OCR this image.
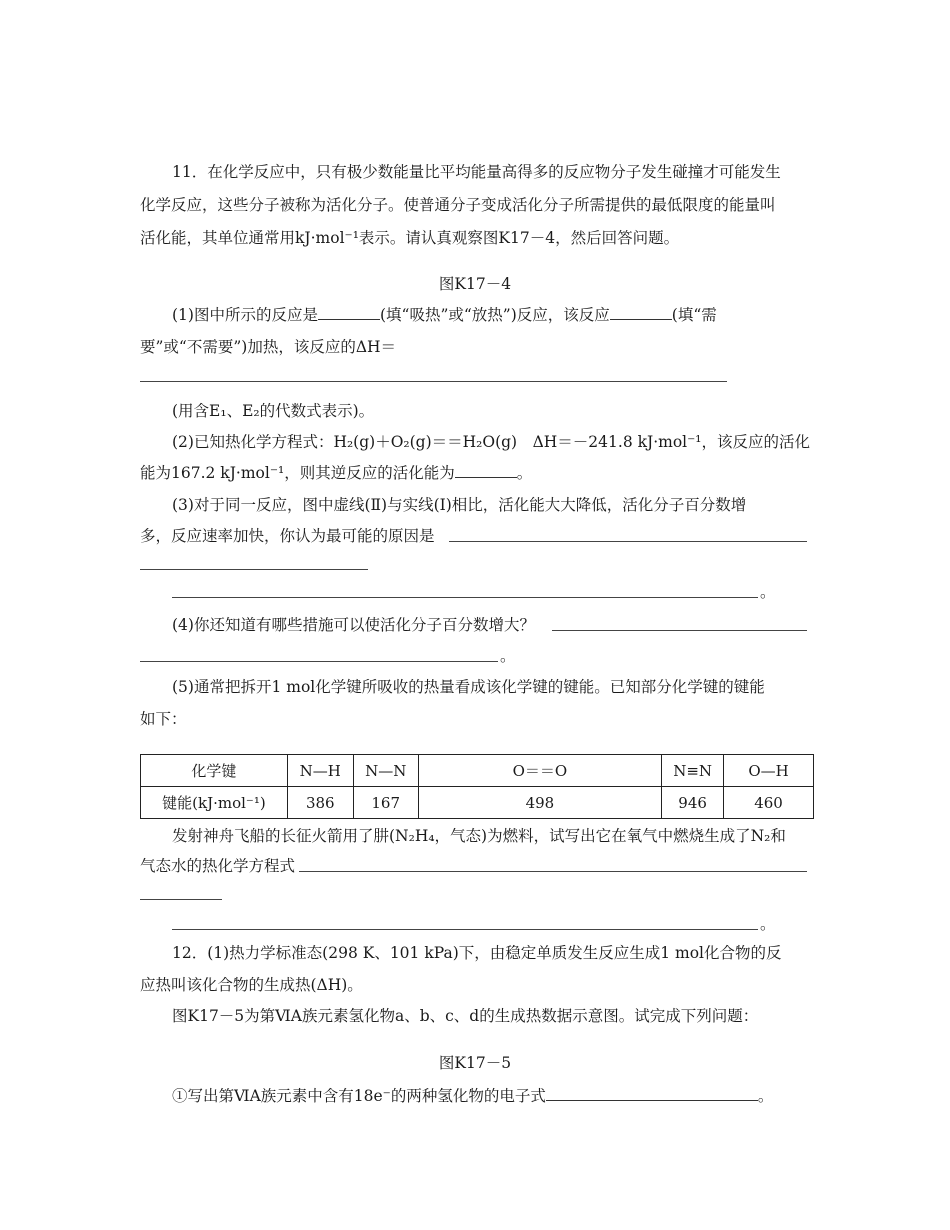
11．在化学反应中，只有极少数能量比平均能量高得多的反应物分子发生碰撞才可能发生
化学反应，这些分子被称为活化分子。使普通分子变成活化分子所需提供的最低限度的能量叫
活化能，其单位通常用kJ·mol⁻¹表示。请认真观察图K17－4，然后回答问题。
图K17－4
(1)图中所示的反应是	(填“吸热”或“放热”)反应，该反应	(填“需
要”或“不需要”)加热，该反应的ΔH＝
(用含E₁、E₂的代数式表示)。
(2)已知热化学方程式：H₂(g)＋O₂(g)＝＝H₂O(g)　ΔH＝－241.8 kJ·mol⁻¹，该反应的活化
能为167.2 kJ·mol⁻¹，则其逆反应的活化能为	。
(3)对于同一反应，图中虚线(Ⅱ)与实线(Ⅰ)相比，活化能大大降低，活化分子百分数增
多，反应速率加快，你认为最可能的原因是
。
(4)你还知道有哪些措施可以使活化分子百分数增大？
。
(5)通常把拆开1 mol化学键所吸收的热量看成该化学键的键能。已知部分化学键的键能
如下：
化学键	N—H	N—N	O＝＝O	N≡N	O—H
键能(kJ·mol⁻¹)	386	167	498	946	460
发射神舟飞船的长征火箭用了肼(N₂H₄，气态)为燃料，试写出它在氧气中燃烧生成了N₂和
气态水的热化学方程式
。
12．(1)热力学标准态(298 K、101 kPa)下，由稳定单质发生反应生成1 mol化合物的反
应热叫该化合物的生成热(ΔH)。
图K17－5为第ⅥA族元素氢化物a、b、c、d的生成热数据示意图。试完成下列问题：
图K17－5
①写出第ⅥA族元素中含有18e⁻的两种氢化物的电子式	。
